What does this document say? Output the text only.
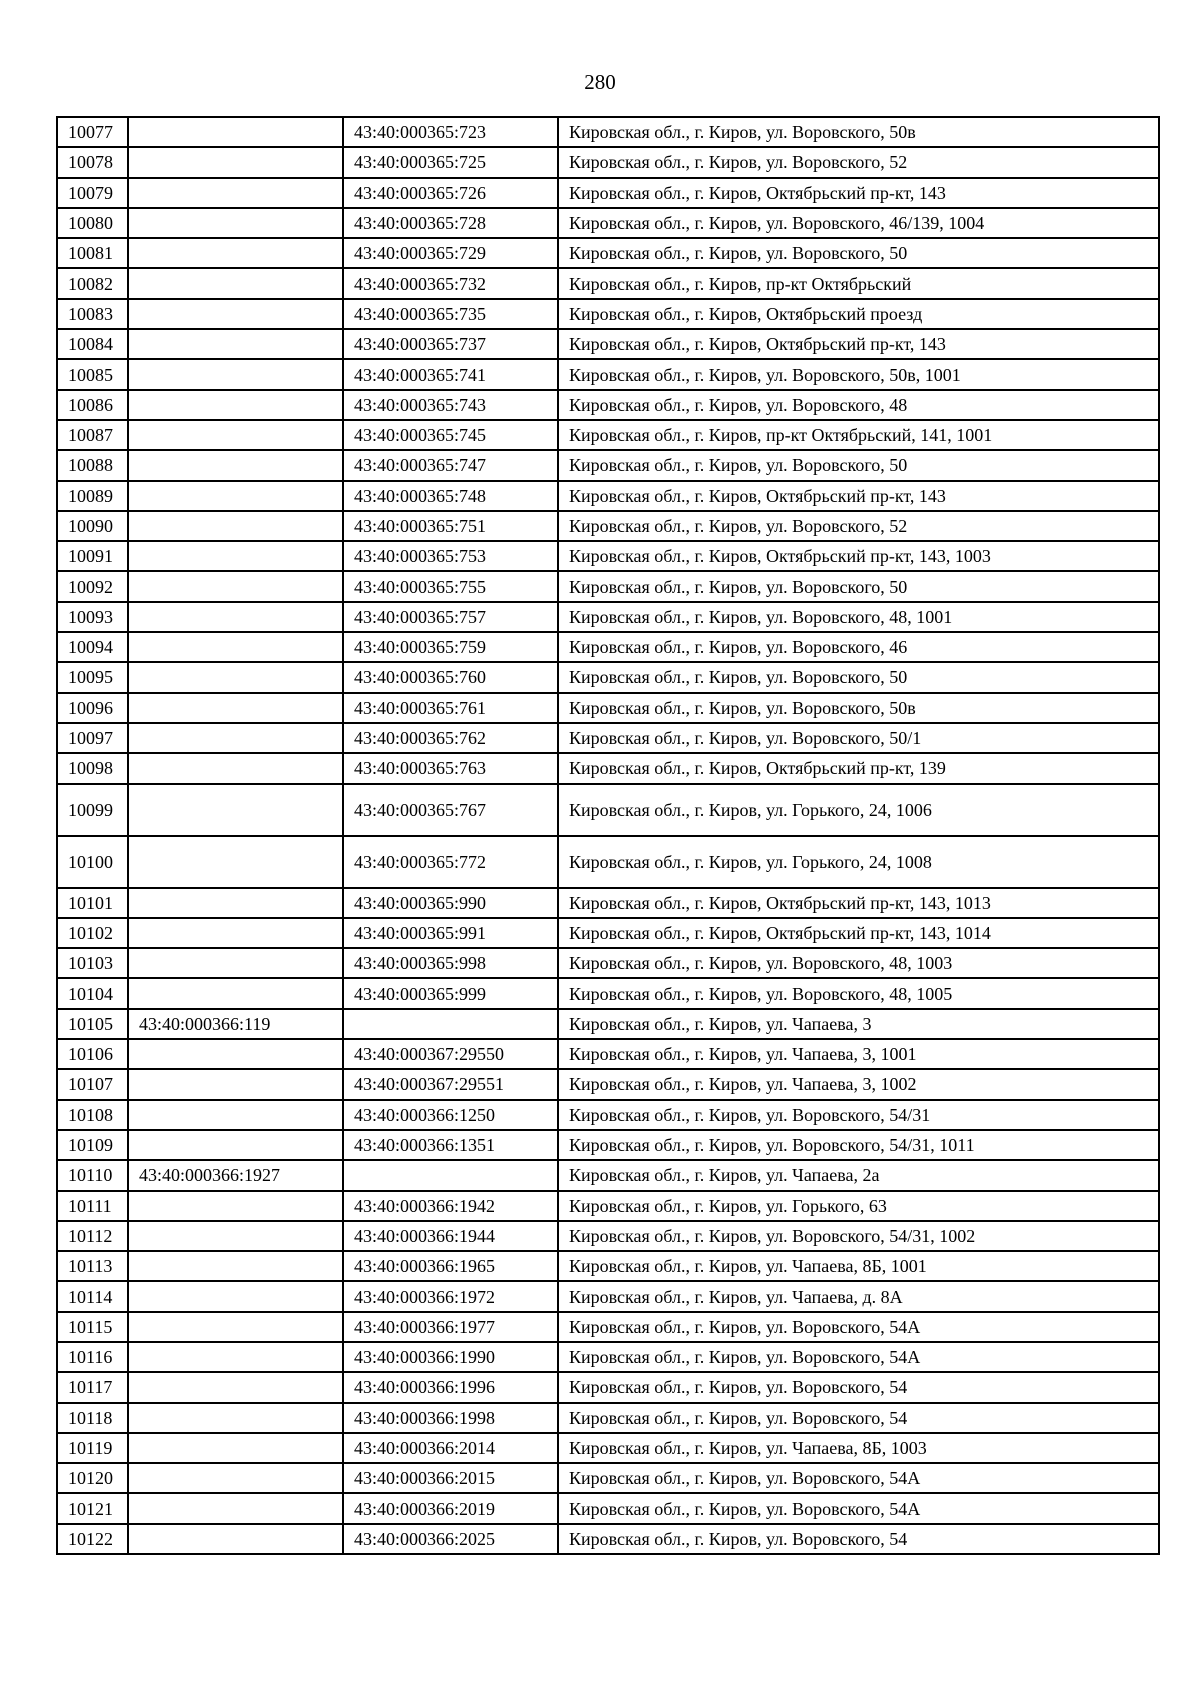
280
10077		43:40:000365:723	Кировская обл., г. Киров, ул. Воровского, 50в
10078		43:40:000365:725	Кировская обл., г. Киров, ул. Воровского, 52
10079		43:40:000365:726	Кировская обл., г. Киров, Октябрьский пр-кт, 143
10080		43:40:000365:728	Кировская обл., г. Киров, ул. Воровского, 46/139, 1004
10081		43:40:000365:729	Кировская обл., г. Киров, ул. Воровского, 50
10082		43:40:000365:732	Кировская обл., г. Киров, пр-кт Октябрьский
10083		43:40:000365:735	Кировская обл., г. Киров, Октябрьский проезд
10084		43:40:000365:737	Кировская обл., г. Киров, Октябрьский пр-кт, 143
10085		43:40:000365:741	Кировская обл., г. Киров, ул. Воровского, 50в, 1001
10086		43:40:000365:743	Кировская обл., г. Киров, ул. Воровского, 48
10087		43:40:000365:745	Кировская обл., г. Киров, пр-кт Октябрьский, 141, 1001
10088		43:40:000365:747	Кировская обл., г. Киров, ул. Воровского, 50
10089		43:40:000365:748	Кировская обл., г. Киров, Октябрьский пр-кт, 143
10090		43:40:000365:751	Кировская обл., г. Киров, ул. Воровского, 52
10091		43:40:000365:753	Кировская обл., г. Киров, Октябрьский пр-кт, 143, 1003
10092		43:40:000365:755	Кировская обл., г. Киров, ул. Воровского, 50
10093		43:40:000365:757	Кировская обл., г. Киров, ул. Воровского, 48, 1001
10094		43:40:000365:759	Кировская обл., г. Киров, ул. Воровского, 46
10095		43:40:000365:760	Кировская обл., г. Киров, ул. Воровского, 50
10096		43:40:000365:761	Кировская обл., г. Киров, ул. Воровского, 50в
10097		43:40:000365:762	Кировская обл., г. Киров, ул. Воровского, 50/1
10098		43:40:000365:763	Кировская обл., г. Киров, Октябрьский пр-кт, 139
10099		43:40:000365:767	Кировская обл., г. Киров, ул. Горького, 24, 1006
10100		43:40:000365:772	Кировская обл., г. Киров, ул. Горького, 24, 1008
10101		43:40:000365:990	Кировская обл., г. Киров, Октябрьский пр-кт, 143, 1013
10102		43:40:000365:991	Кировская обл., г. Киров, Октябрьский пр-кт, 143, 1014
10103		43:40:000365:998	Кировская обл., г. Киров, ул. Воровского, 48, 1003
10104		43:40:000365:999	Кировская обл., г. Киров, ул. Воровского, 48, 1005
10105	43:40:000366:119		Кировская обл., г. Киров, ул. Чапаева, 3
10106		43:40:000367:29550	Кировская обл., г. Киров, ул. Чапаева, 3, 1001
10107		43:40:000367:29551	Кировская обл., г. Киров, ул. Чапаева, 3, 1002
10108		43:40:000366:1250	Кировская обл., г. Киров, ул. Воровского, 54/31
10109		43:40:000366:1351	Кировская обл., г. Киров, ул. Воровского, 54/31, 1011
10110	43:40:000366:1927		Кировская обл., г. Киров, ул. Чапаева, 2а
10111		43:40:000366:1942	Кировская обл., г. Киров, ул. Горького, 63
10112		43:40:000366:1944	Кировская обл., г. Киров, ул. Воровского, 54/31, 1002
10113		43:40:000366:1965	Кировская обл., г. Киров, ул. Чапаева, 8Б, 1001
10114		43:40:000366:1972	Кировская обл., г. Киров, ул. Чапаева, д. 8А
10115		43:40:000366:1977	Кировская обл., г. Киров, ул. Воровского, 54А
10116		43:40:000366:1990	Кировская обл., г. Киров, ул. Воровского, 54А
10117		43:40:000366:1996	Кировская обл., г. Киров, ул. Воровского, 54
10118		43:40:000366:1998	Кировская обл., г. Киров, ул. Воровского, 54
10119		43:40:000366:2014	Кировская обл., г. Киров, ул. Чапаева, 8Б, 1003
10120		43:40:000366:2015	Кировская обл., г. Киров, ул. Воровского, 54А
10121		43:40:000366:2019	Кировская обл., г. Киров, ул. Воровского, 54А
10122		43:40:000366:2025	Кировская обл., г. Киров, ул. Воровского, 54
